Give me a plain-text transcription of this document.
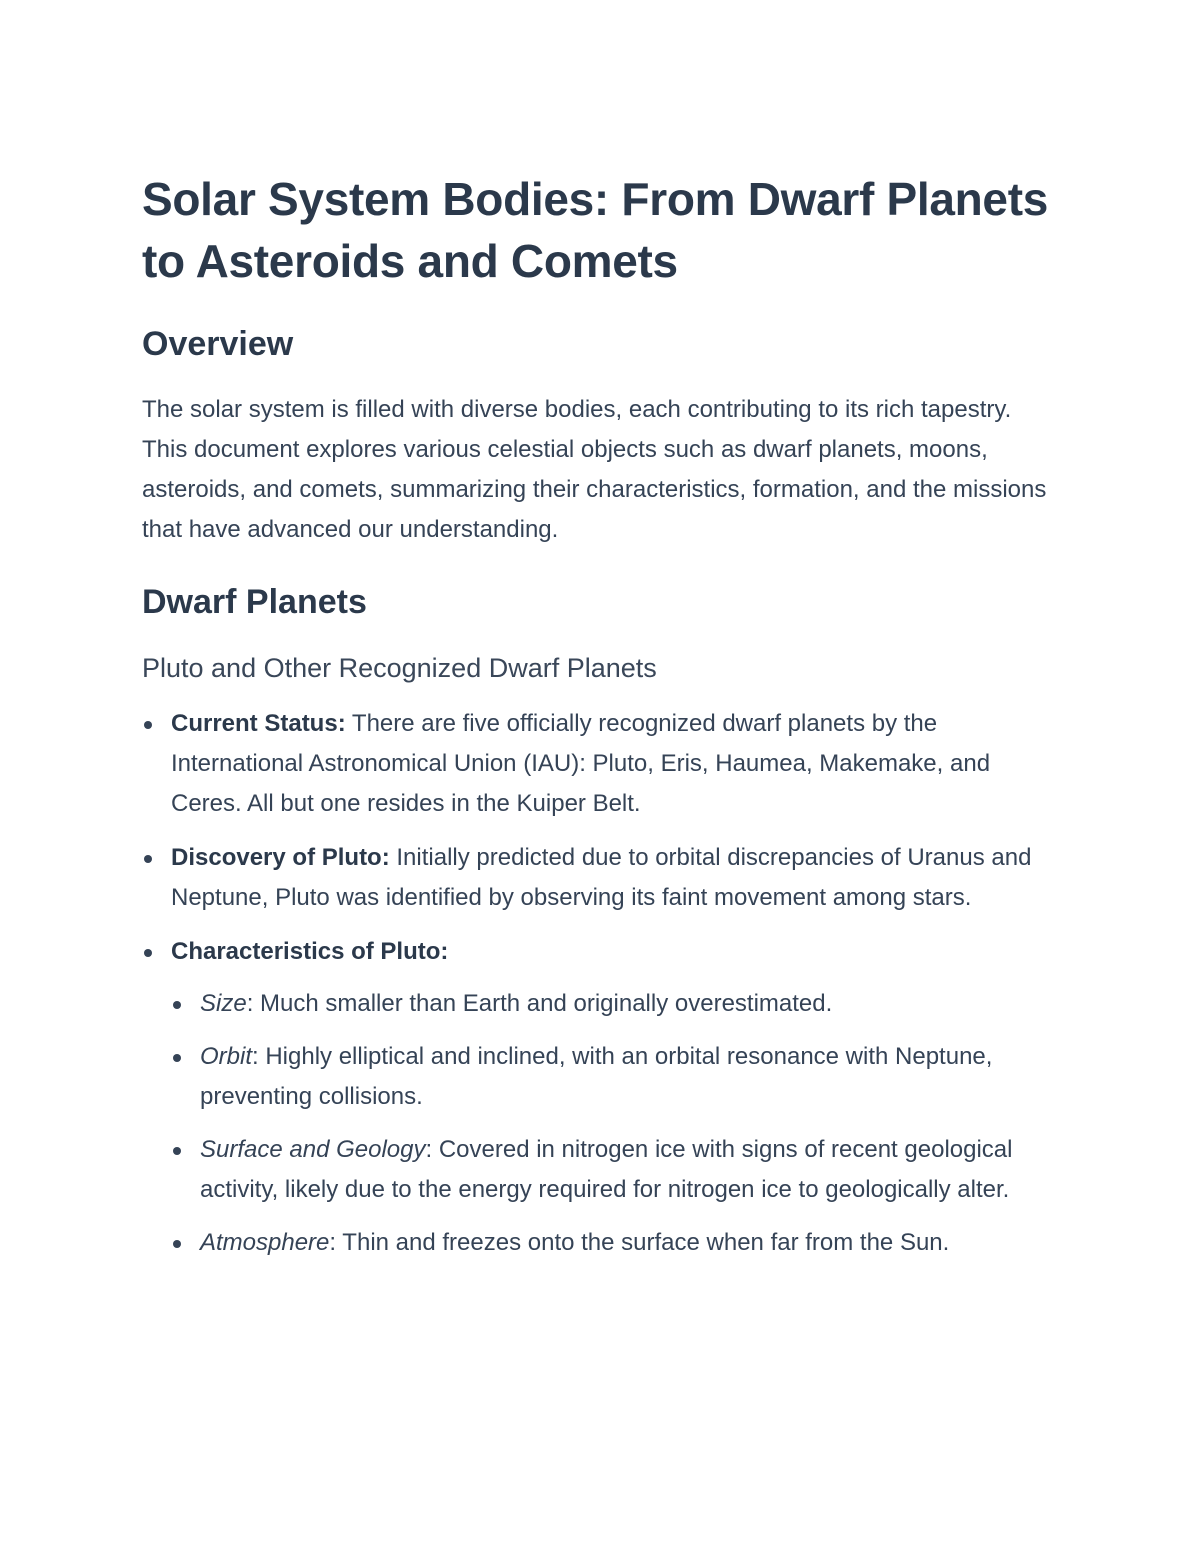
Solar System Bodies: From Dwarf Planets to Asteroids and Comets
Overview

The solar system is filled with diverse bodies, each contributing to its rich tapestry. This document explores various celestial objects such as dwarf planets, moons, asteroids, and comets, summarizing their characteristics, formation, and the missions that have advanced our understanding.

Dwarf Planets
Pluto and Other Recognized Dwarf Planets
Current Status: There are five officially recognized dwarf planets by the International Astronomical Union (IAU): Pluto, Eris, Haumea, Makemake, and Ceres. All but one resides in the Kuiper Belt.
Discovery of Pluto: Initially predicted due to orbital discrepancies of Uranus and Neptune, Pluto was identified by observing its faint movement among stars.
Characteristics of Pluto:
Size: Much smaller than Earth and originally overestimated.
Orbit: Highly elliptical and inclined, with an orbital resonance with Neptune, preventing collisions.
Surface and Geology: Covered in nitrogen ice with signs of recent geological activity, likely due to the energy required for nitrogen ice to geologically alter.
Atmosphere: Thin and freezes onto the surface when far from the Sun.
